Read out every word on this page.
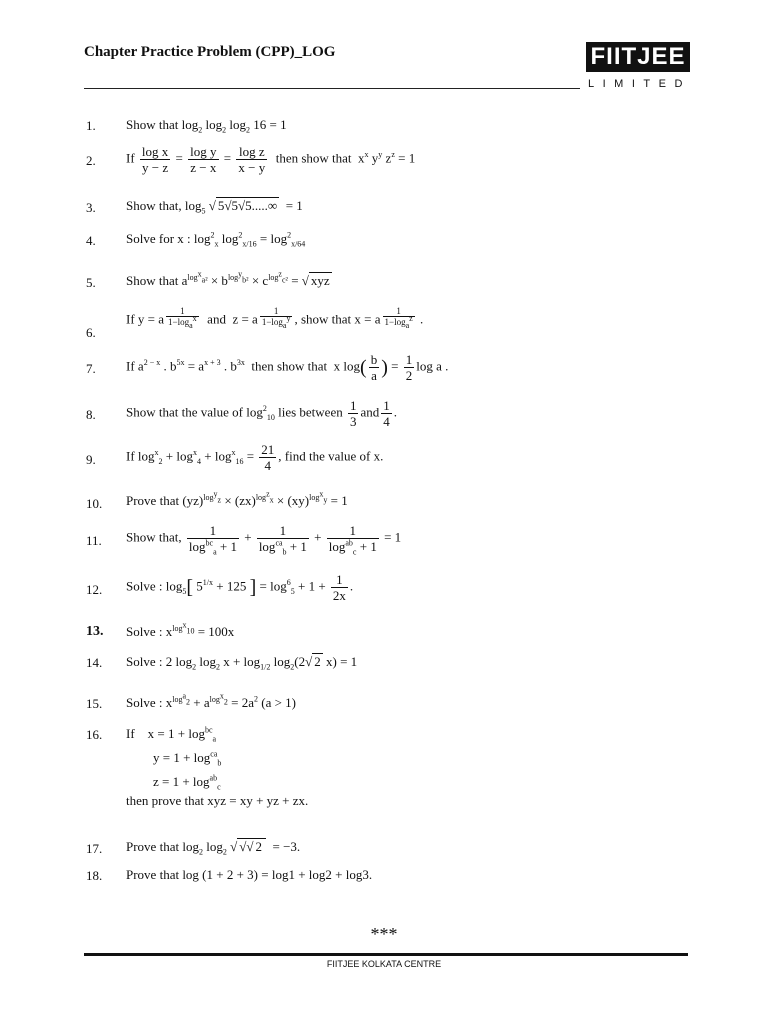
Chapter Practice Problem (CPP)_LOG	FIITJEE
LIMITED
1.
2.
3.
4.
5.
6.
7.
8.
9.
10.
11.
12.
13.
14.
15.
16.
17.
18.
Show that $\log_2 \log_2 \log_2 16 = 1$
If $\frac{\text{log x}}{y - z} = \frac{\text{log y}}{z - x} = \frac{\text{log z}}{x - y}$ then show that  $x^x$ $y^y$ $z^z = 1$
Show that, $\log_5$ √ 5√5√5.....∞ = 1
Solve for x : $\log^2_x \log^2_{x/16} = \log^2_{x/64}$
Show that $a^{log^x_{a^2}} \times b^{log^y_{b^2}} \times c^{log^z_{c^2}}$ = √ xyz
If y = a $^{\frac{1}{1-\log_a^x}}$ and  z = a $^{\frac{1}{1-\log_a^y}}$ , show that x = a $^{\frac{1}{1-\log_a^z}}$ .
If $a^{2 - x}$ . $b^{5x} = a^{x + 3}$ . $b^{3x}$ then show that  x $\log( \frac{b}{a}$ ) = $\frac{1}{2}$ log a .
Show that the value of $\log^2_{10}$ lies between $\frac{1}{3}$ and $\frac{1}{4}$ .
If $\log^x_2 + \log^x_4 + \log^x_{16} = \frac{21}{4}$ , find the value of x.
Prove that (yz)$^{log^y_z}$ × (zx)$^{log^z_x}$ × (xy)$^{log^x_y}$ = 1
Show that, $\frac{1}{\log^{bc}_a + 1} + \frac{1}{\log^{ca}_b + 1} + \frac{1}{\log^{ab}_c + 1} = 1$
Solve : $\log_5$[ $5^{1/x} + 125$ ] = $\log^6_5 + 1 + \frac{1}{2x}$ .
Solve : $x^{log^x_{10}} = 100x$
Solve : 2 $\log_2 \log_2 x + \log_{1/2} \log_2(2√$ 2 x) = 1
Solve : $x^{log^a_2} + a^{log^x_2} = 2a^2$ (a > 1)
If $x = 1 + \log^{bc}_a$
$y = 1 + \log^{ca}_b$
$z = 1 + \log^{ab}_c$
then prove that xyz = xy + yz + zx.
Prove that $\log_2 \log_2$ √ √√ 2 = −3.
Prove that log (1 + 2 + 3) = log1 + log2 + log3.
***
FIITJEE KOLKATA CENTRE
